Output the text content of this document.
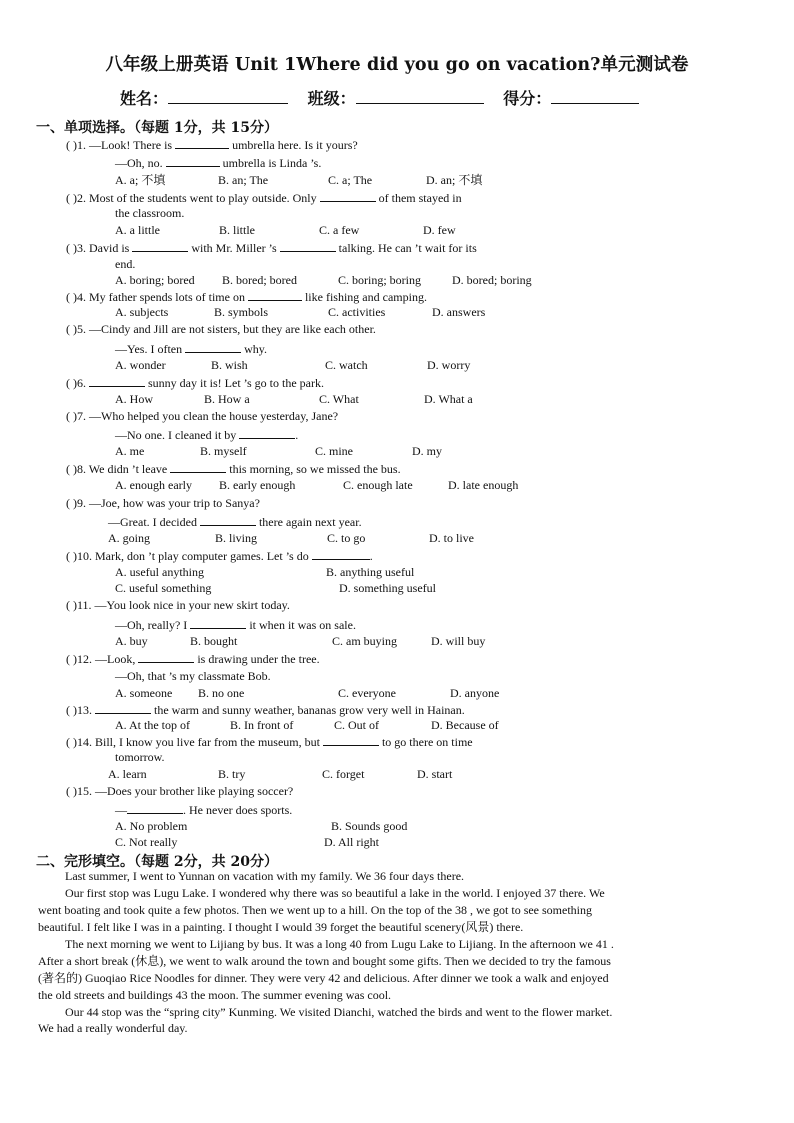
八年级上册英语 Unit 1Where did you go on vacation?单元测试卷
姓名：	班级：	得分：
一、单项选择。（每题 1分，共 15分）
( )1. —Look! There is	umbrella here. Is it yours?
—Oh, no.	umbrella is Linda ’s.
A. a; 不填	B. an; The	C. a; The	D. an; 不填
( )2. Most of the students went to play outside. Only	of them stayed in
the classroom.
A. a little	B. little	C. a few	D. few
( )3. David is	with Mr. Miller ’s	talking. He can ’t wait for its
end.
A. boring; bored B. bored; bored	C. boring; boring	D. bored; boring
( )4. My father spends lots of time on	like fishing and camping.
A. subjects	B. symbols	C. activities	D. answers
( )5. —Cindy and Jill are not sisters, but they are like each other.
—Yes. I often	why.
A. wonder	B. wish	C. watch	D. worry
( )6.	sunny day it is! Let ’s go to the park.
A. How	B. How a	C. What	D. What a
( )7. —Who helped you clean the house yesterday, Jane?
—No one. I cleaned it by	.
A. me	B. myself	C. mine	D. my
( )8. We didn ’t leave	this morning, so we missed the bus.
A. enough early B. early enough	C. enough late	D. late enough
( )9. —Joe, how was your trip to Sanya?
—Great. I decided	there again next year.
A. going	B. living	C. to go	D. to live
( )10. Mark, don ’t play computer games. Let ’s do	.
A. useful anything	B. anything useful
C. useful something	D. something useful
( )11. —You look nice in your new skirt today.
—Oh, really? I	it when it was on sale.
A. buy	B. bought	C. am buying	D. will buy
( )12. —Look,	is drawing under the tree.
—Oh, that ’s my classmate Bob.
A. someone B. no one	C. everyone	D. anyone
( )13.	the warm and sunny weather, bananas grow very well in Hainan.
A. At the top of	B. In front of	C. Out of	D. Because of
( )14. Bill, I know you live far from the museum, but	to go there on time
tomorrow.
A. learn	B. try	C. forget	D. start
( )15. —Does your brother like playing soccer?
—	. He never does sports.
A. No problem	B. Sounds good
C. Not really	D. All right
二、完形填空。（每题 2分，共 20分）
Last summer, I went to Yunnan on vacation with my family. We 36 four days there.
Our first stop was Lugu Lake. I wondered why there was so beautiful a lake in the world. I enjoyed 37 there. We
went boating and took quite a few photos. Then we went up to a hill. On the top of the 38 , we got to see something
beautiful. I felt like I was in a painting. I thought I would 39 forget the beautiful scenery(风景) there.
The next morning we went to Lijiang by bus. It was a long 40 from Lugu Lake to Lijiang. In the afternoon we 41 .
After a short break (休息), we went to walk around the town and bought some gifts. Then we decided to try the famous
(著名的) Guoqiao Rice Noodles for dinner. They were very 42 and delicious. After dinner we took a walk and enjoyed
the old streets and buildings 43 the moon. The summer evening was cool.
Our 44 stop was the “spring city” Kunming. We visited Dianchi, watched the birds and went to the flower market.
We had a really wonderful day.
